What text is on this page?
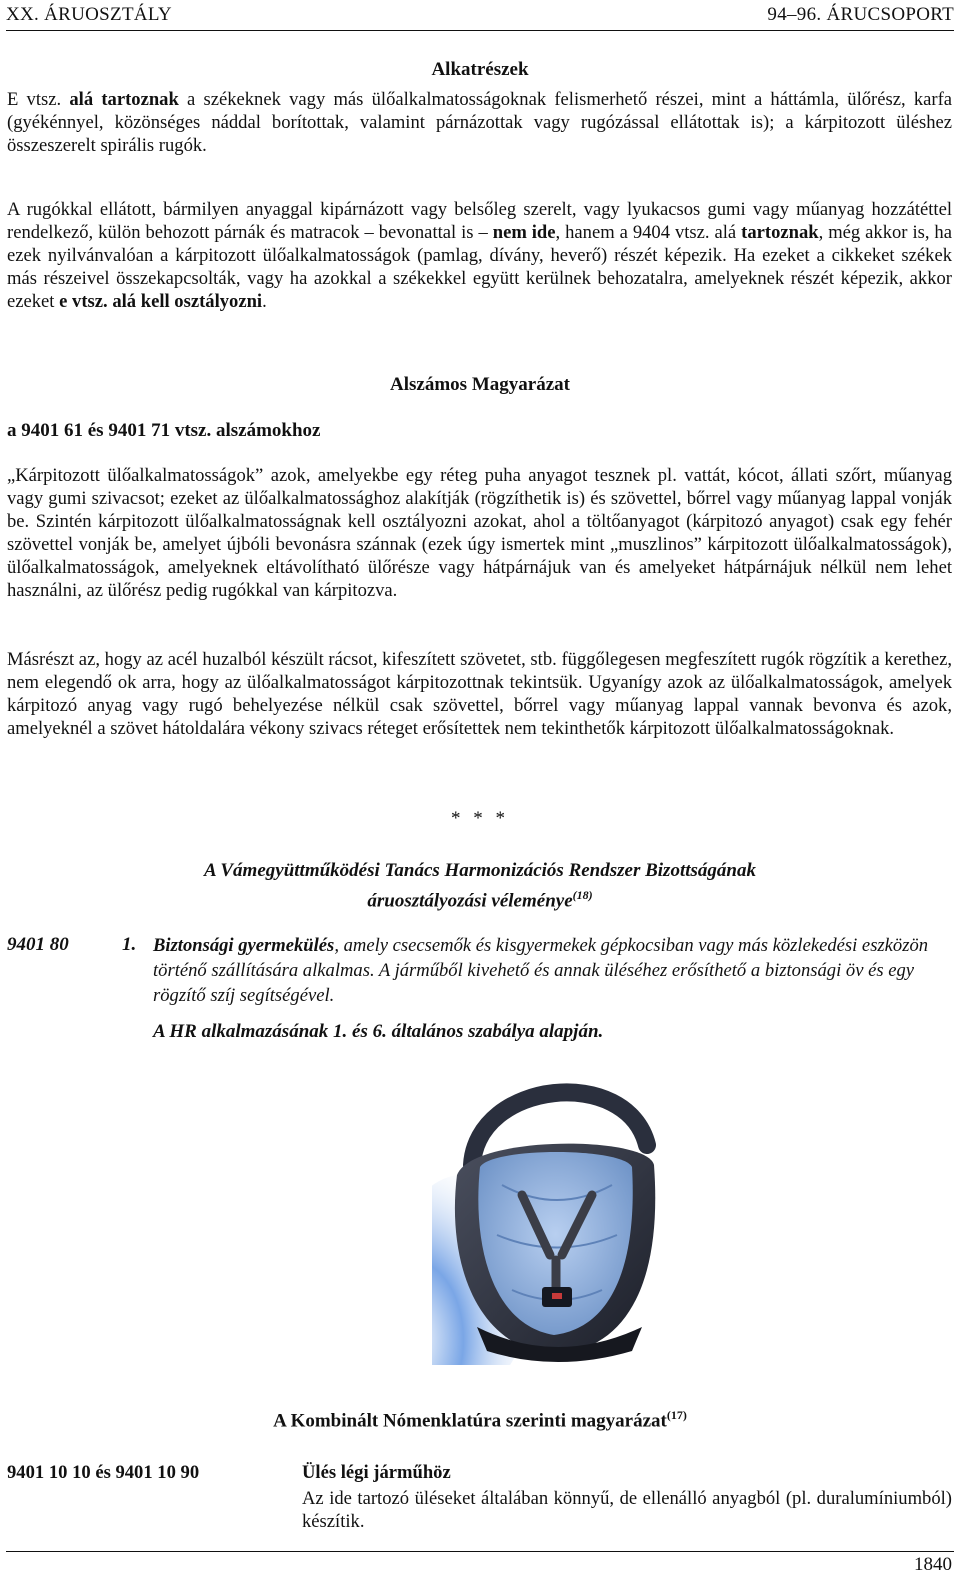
XX. ÁRUOSZTÁLY	94–96. ÁRUCSOPORT
Alkatrészek
E vtsz. alá tartoznak a székeknek vagy más ülőalkalmatosságoknak felismerhető részei, mint a háttámla, ülőrész, karfa (gyékénnyel, közönséges náddal borítottak, valamint párnázottak vagy rugózással ellátottak is); a kárpitozott üléshez összeszerelt spirális rugók.
A rugókkal ellátott, bármilyen anyaggal kipárnázott vagy belsőleg szerelt, vagy lyukacsos gumi vagy műanyag hozzátéttel rendelkező, külön behozott párnák és matracok – bevonattal is – nem ide, hanem a 9404 vtsz. alá tartoznak, még akkor is, ha ezek nyilvánvalóan a kárpitozott ülőalkalmatosságok (pamlag, dívány, heverő) részét képezik. Ha ezeket a cikkeket székek más részeivel összekapcsolták, vagy ha azokkal a székekkel együtt kerülnek behozatalra, amelyeknek részét képezik, akkor ezeket e vtsz. alá kell osztályozni.
Alszámos Magyarázat
a 9401 61 és 9401 71 vtsz. alszámokhoz
„Kárpitozott ülőalkalmatosságok” azok, amelyekbe egy réteg puha anyagot tesznek pl. vattát, kócot, állati szőrt, műanyag vagy gumi szivacsot; ezeket az ülőalkalmatossághoz alakítják (rögzíthetik is) és szövettel, bőrrel vagy műanyag lappal vonják be. Szintén kárpitozott ülőalkalmatosságnak kell osztályozni azokat, ahol a töltőanyagot (kárpitozó anyagot) csak egy fehér szövettel vonják be, amelyet újbóli bevonásra szánnak (ezek úgy ismertek mint „muszlinos” kárpitozott ülőalkalmatosságok), ülőalkalmatosságok, amelyeknek eltávolítható ülőrésze vagy hátpárnájuk van és amelyeket hátpárnájuk nélkül nem lehet használni, az ülőrész pedig rugókkal van kárpitozva.
Másrészt az, hogy az acél huzalból készült rácsot, kifeszített szövetet, stb. függőlegesen megfeszített rugók rögzítik a kerethez, nem elegendő ok arra, hogy az ülőalkalmatosságot kárpitozottnak tekintsük. Ugyanígy azok az ülőalkalmatosságok, amelyek kárpitozó anyag vagy rugó behelyezése nélkül csak szövettel, bőrrel vagy műanyag lappal vannak bevonva és azok, amelyeknél a szövet hátoldalára vékony szivacs réteget erősítettek nem tekinthetők kárpitozott ülőalkalmatosságoknak.
* * *
A Vámegyüttműködési Tanács Harmonizációs Rendszer Bizottságának
áruosztályozási véleménye$^{(18)}$
9401 80	1. Biztonsági gyermekülés, amely csecsemők és kisgyermekek gépkocsiban vagy más közlekedési eszközön történő szállítására alkalmas. A járműből kivehető és annak üléséhez erősíthető a biztonsági öv és egy rögzítő szíj segítségével.
A HR alkalmazásának 1. és 6. általános szabálya alapján.
A Kombinált Nómenklatúra szerinti magyarázat$^{(17)}$
9401 10 10 és 9401 10 90	Ülés légi járműhöz
Az ide tartozó üléseket általában könnyű, de ellenálló anyagból (pl. duralumíniumból) készítik.
1840
